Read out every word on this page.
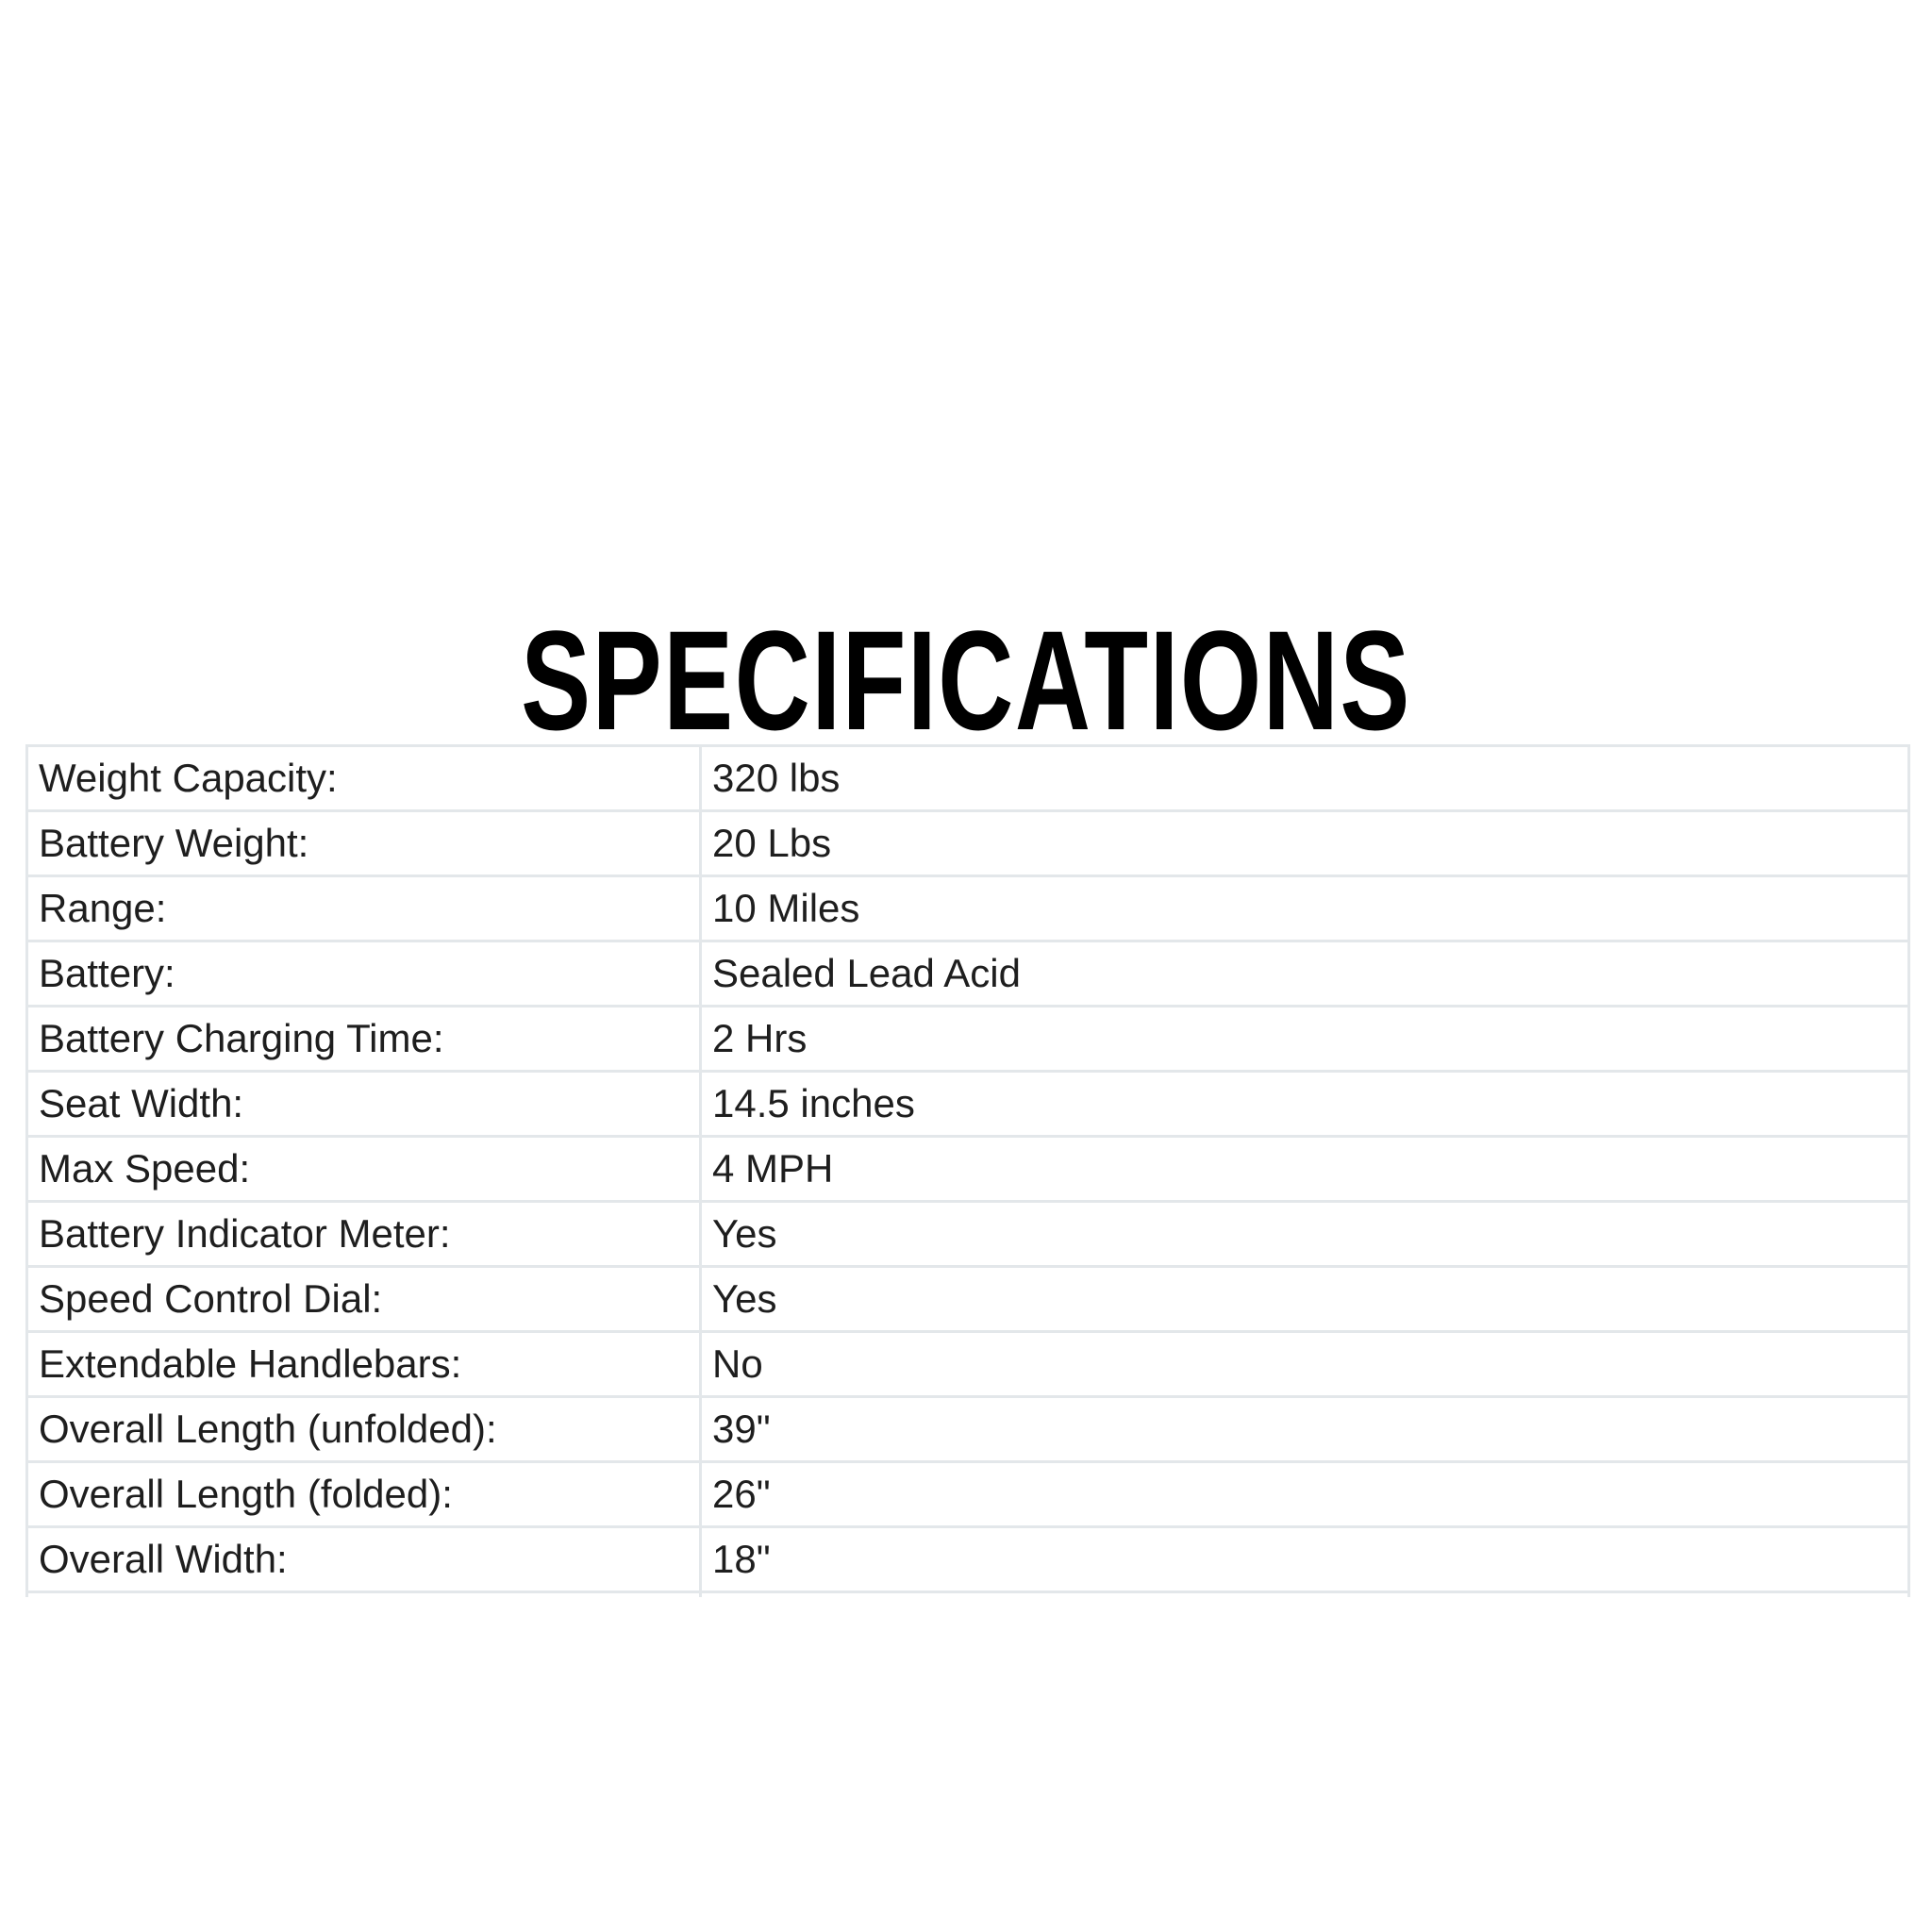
SPECIFICATIONS
Weight Capacity:	320 lbs
Battery Weight:	20 Lbs
Range:	10 Miles
Battery:	Sealed Lead Acid
Battery Charging Time:	2 Hrs
Seat Width:	14.5 inches
Max Speed:	4 MPH
Battery Indicator Meter:	Yes
Speed Control Dial:	Yes
Extendable Handlebars:	No
Overall Length (unfolded):	39"
Overall Length (folded):	26"
Overall Width:	18"
